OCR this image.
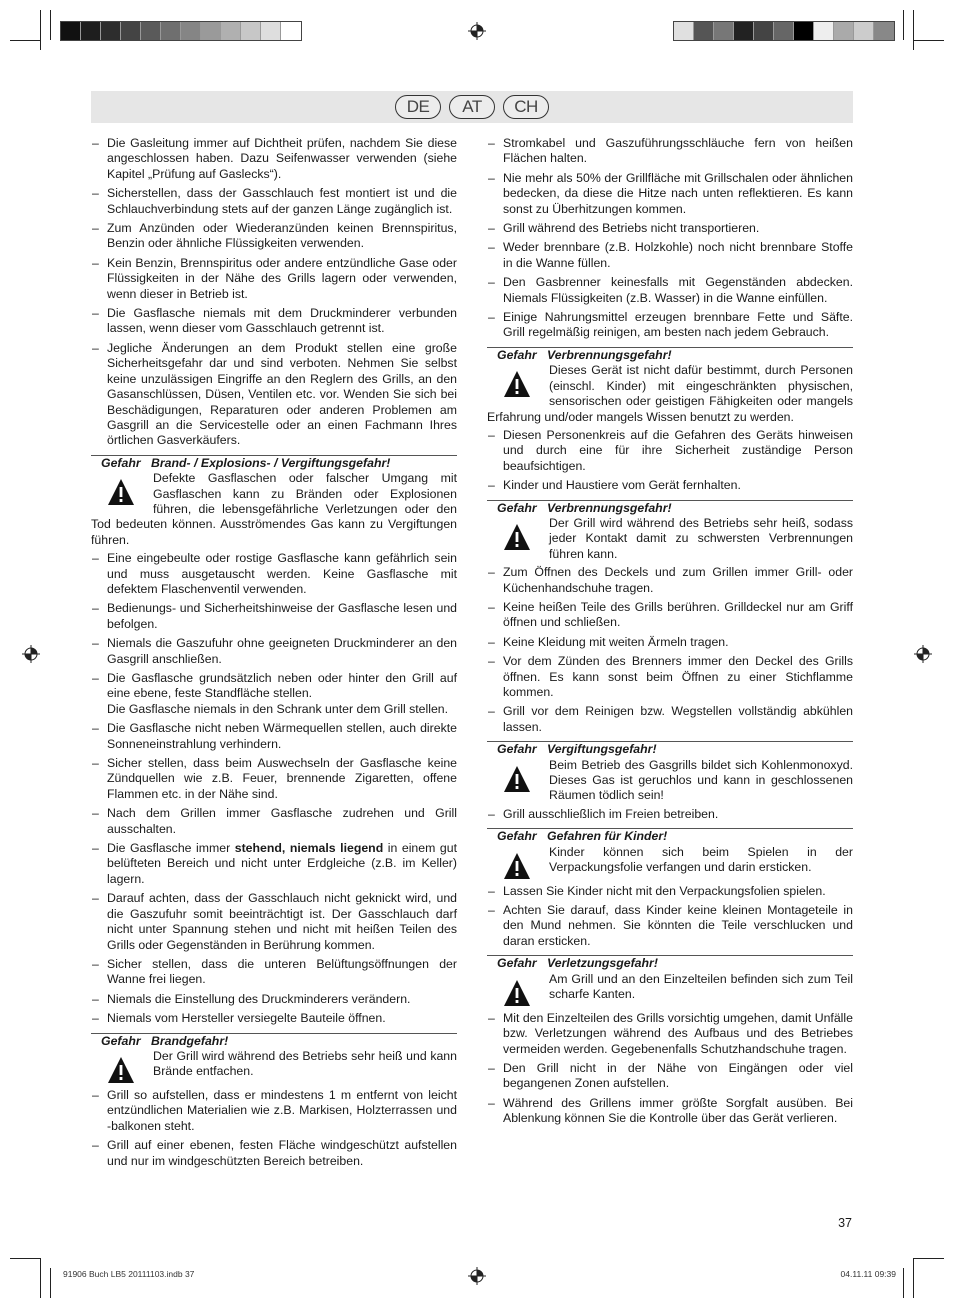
DE	AT	CH
– Die Gasleitung immer auf Dichtheit prüfen, nachdem Sie diese angeschlossen haben. Dazu Seifenwasser verwenden (siehe Kapitel „Prüfung auf Gaslecks“).
– Sicherstellen, dass der Gasschlauch fest montiert ist und die Schlauchverbindung stets auf der ganzen Länge zugänglich ist.
– Zum Anzünden oder Wiederanzünden keinen Brennspiritus, Benzin oder ähnliche Flüssigkeiten verwenden.
– Kein Benzin, Brennspiritus oder andere entzündliche Gase oder Flüssigkeiten in der Nähe des Grills lagern oder verwenden, wenn dieser in Betrieb ist.
– Die Gasflasche niemals mit dem Druckminderer verbunden lassen, wenn dieser vom Gasschlauch getrennt ist.
– Jegliche Änderungen an dem Produkt stellen eine große Sicherheitsgefahr dar und sind verboten. Nehmen Sie selbst keine unzulässigen Eingriffe an den Reglern des Grills, an den Gasanschlüssen, Düsen, Ventilen etc. vor. Wenden Sie sich bei Beschädigungen, Reparaturen oder anderen Problemen am Gasgrill an die Servicestelle oder an einen Fachmann Ihres örtlichen Gasverkäufers.
Gefahr Brand- / Explosions- / Vergiftungsgefahr!
Defekte Gasflaschen oder falscher Umgang mit Gasflaschen kann zu Bränden oder Explosionen führen, die lebensgefährliche Verletzungen oder den Tod bedeuten können. Ausströmendes Gas kann zu Vergiftungen führen.
– Eine eingebeulte oder rostige Gasflasche kann gefährlich sein und muss ausgetauscht werden. Keine Gasflasche mit defektem Flaschenventil verwenden.
– Bedienungs- und Sicherheitshinweise der Gasflasche lesen und befolgen.
– Niemals die Gaszufuhr ohne geeigneten Druckminderer an den Gasgrill anschließen.
– Die Gasflasche grundsätzlich neben oder hinter den Grill auf eine ebene, feste Standfläche stellen.
Die Gasflasche niemals in den Schrank unter dem Grill stellen.
– Die Gasflasche nicht neben Wärmequellen stellen, auch direkte Sonneneinstrahlung verhindern.
– Sicher stellen, dass beim Auswechseln der Gasflasche keine Zündquellen wie z.B. Feuer, brennende Zigaretten, offene Flammen etc. in der Nähe sind.
– Nach dem Grillen immer Gasflasche zudrehen und Grill ausschalten.
– Die Gasflasche immer stehend, niemals liegend in einem gut belüfteten Bereich und nicht unter Erdgleiche (z.B. im Keller) lagern.
– Darauf achten, dass der Gasschlauch nicht geknickt wird, und die Gaszufuhr somit beeinträchtigt ist. Der Gasschlauch darf nicht unter Spannung stehen und nicht mit heißen Teilen des Grills oder Gegenständen in Berührung kommen.
– Sicher stellen, dass die unteren Belüftungsöffnungen der Wanne frei liegen.
– Niemals die Einstellung des Druckminderers verändern.
– Niemals vom Hersteller versiegelte Bauteile öffnen.
Gefahr Brandgefahr!
Der Grill wird während des Betriebs sehr heiß und kann Brände entfachen.
– Grill so aufstellen, dass er mindestens 1 m entfernt von leicht entzündlichen Materialien wie z.B. Markisen, Holzterrassen und -balkonen steht.
– Grill auf einer ebenen, festen Fläche windgeschützt aufstellen und nur im windgeschützten Bereich betreiben.
– Stromkabel und Gaszuführungsschläuche fern von heißen Flächen halten.
– Nie mehr als 50% der Grillfläche mit Grillschalen oder ähnlichen bedecken, da diese die Hitze nach unten reflektieren. Es kann sonst zu Überhitzungen kommen.
– Grill während des Betriebs nicht transportieren.
– Weder brennbare (z.B. Holzkohle) noch nicht brennbare Stoffe in die Wanne füllen.
– Den Gasbrenner keinesfalls mit Gegenständen abdecken. Niemals Flüssigkeiten (z.B. Wasser) in die Wanne einfüllen.
– Einige Nahrungsmittel erzeugen brennbare Fette und Säfte. Grill regelmäßig reinigen, am besten nach jedem Gebrauch.
Gefahr Verbrennungsgefahr!
Dieses Gerät ist nicht dafür bestimmt, durch Personen (einschl. Kinder) mit eingeschränkten physischen, sensorischen oder geistigen Fähigkeiten oder mangels Erfahrung und/oder mangels Wissen benutzt zu werden.
– Diesen Personenkreis auf die Gefahren des Geräts hinweisen und durch eine für ihre Sicherheit zuständige Person beaufsichtigen.
– Kinder und Haustiere vom Gerät fernhalten.
Gefahr Verbrennungsgefahr!
Der Grill wird während des Betriebs sehr heiß, sodass jeder Kontakt damit zu schwersten Verbrennungen führen kann.
– Zum Öffnen des Deckels und zum Grillen immer Grill- oder Küchenhandschuhe tragen.
– Keine heißen Teile des Grills berühren. Grilldeckel nur am Griff öffnen und schließen.
– Keine Kleidung mit weiten Ärmeln tragen.
– Vor dem Zünden des Brenners immer den Deckel des Grills öffnen. Es kann sonst beim Öffnen zu einer Stichflamme kommen.
– Grill vor dem Reinigen bzw. Wegstellen vollständig abkühlen lassen.
Gefahr Vergiftungsgefahr!
Beim Betrieb des Gasgrills bildet sich Kohlenmonoxyd. Dieses Gas ist geruchlos und kann in geschlossenen Räumen tödlich sein!
– Grill ausschließlich im Freien betreiben.
Gefahr Gefahren für Kinder!
Kinder können sich beim Spielen in der Verpackungsfolie verfangen und darin ersticken.
– Lassen Sie Kinder nicht mit den Verpackungsfolien spielen.
– Achten Sie darauf, dass Kinder keine kleinen Montageteile in den Mund nehmen. Sie könnten die Teile verschlucken und daran ersticken.
Gefahr Verletzungsgefahr!
Am Grill und an den Einzelteilen befinden sich zum Teil scharfe Kanten.
– Mit den Einzelteilen des Grills vorsichtig umgehen, damit Unfälle bzw. Verletzungen während des Aufbaus und des Betriebes vermeiden werden. Gegebenenfalls Schutzhandschuhe tragen.
– Den Grill nicht in der Nähe von Eingängen oder viel begangenen Zonen aufstellen.
– Während des Grillens immer größte Sorgfalt ausüben. Bei Ablenkung können Sie die Kontrolle über das Gerät verlieren.
37
91906 Buch LB5 20111103.indb 37	04.11.11 09:39
